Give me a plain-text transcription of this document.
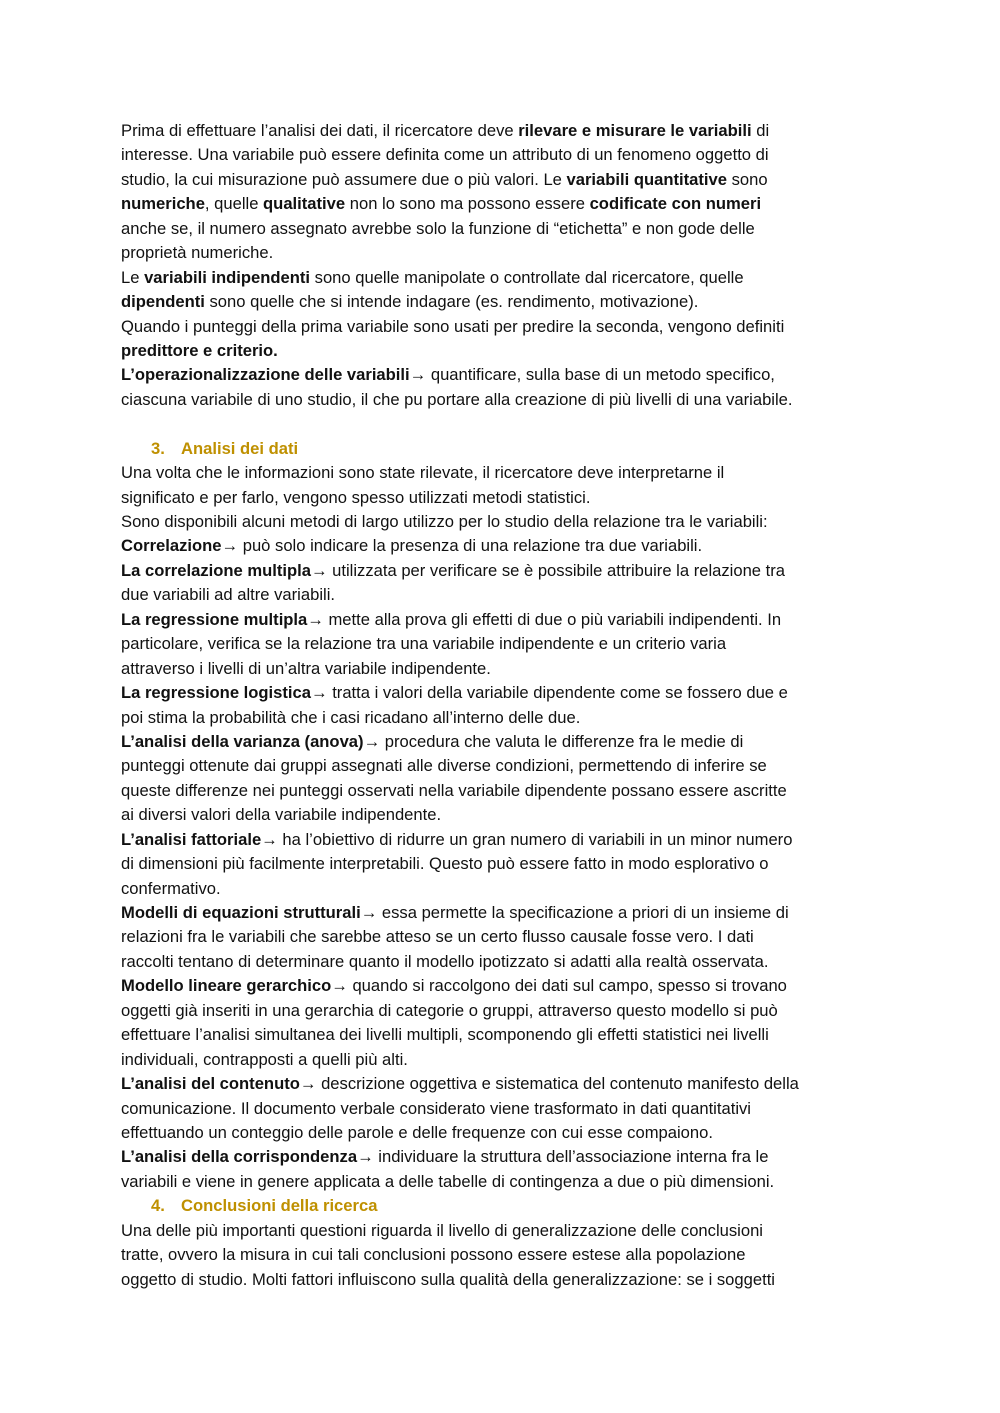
Prima di effettuare l’analisi dei dati, il ricercatore deve rilevare e misurare le variabili di
interesse. Una variabile può essere definita come un attributo di un fenomeno oggetto di
studio, la cui misurazione può assumere due o più valori. Le variabili quantitative sono
numeriche, quelle qualitative non lo sono ma possono essere codificate con numeri
anche se, il numero assegnato avrebbe solo la funzione di “etichetta” e non gode delle
proprietà numeriche.
Le variabili indipendenti sono quelle manipolate o controllate dal ricercatore, quelle
dipendenti sono quelle che si intende indagare (es. rendimento, motivazione).
Quando i punteggi della prima variabile sono usati per predire la seconda, vengono definiti
predittore e criterio.
L’operazionalizzazione delle variabili→ quantificare, sulla base di un metodo specifico,
ciascuna variabile di uno studio, il che pu portare alla creazione di più livelli di una variabile.
3. Analisi dei dati
Una volta che le informazioni sono state rilevate, il ricercatore deve interpretarne il
significato e per farlo, vengono spesso utilizzati metodi statistici.
Sono disponibili alcuni metodi di largo utilizzo per lo studio della relazione tra le variabili:
Correlazione→ può solo indicare la presenza di una relazione tra due variabili.
La correlazione multipla→ utilizzata per verificare se è possibile attribuire la relazione tra
due variabili ad altre variabili.
La regressione multipla→ mette alla prova gli effetti di due o più variabili indipendenti. In
particolare, verifica se la relazione tra una variabile indipendente e un criterio varia
attraverso i livelli di un’altra variabile indipendente.
La regressione logistica→ tratta i valori della variabile dipendente come se fossero due e
poi stima la probabilità che i casi ricadano all’interno delle due.
L’analisi della varianza (anova)→ procedura che valuta le differenze fra le medie di
punteggi ottenute dai gruppi assegnati alle diverse condizioni, permettendo di inferire se
queste differenze nei punteggi osservati nella variabile dipendente possano essere ascritte
ai diversi valori della variabile indipendente.
L’analisi fattoriale→ ha l’obiettivo di ridurre un gran numero di variabili in un minor numero
di dimensioni più facilmente interpretabili. Questo può essere fatto in modo esplorativo o
confermativo.
Modelli di equazioni strutturali→ essa permette la specificazione a priori di un insieme di
relazioni fra le variabili che sarebbe atteso se un certo flusso causale fosse vero. I dati
raccolti tentano di determinare quanto il modello ipotizzato si adatti alla realtà osservata.
Modello lineare gerarchico→ quando si raccolgono dei dati sul campo, spesso si trovano
oggetti già inseriti in una gerarchia di categorie o gruppi, attraverso questo modello si può
effettuare l’analisi simultanea dei livelli multipli, scomponendo gli effetti statistici nei livelli
individuali, contrapposti a quelli più alti.
L’analisi del contenuto→ descrizione oggettiva e sistematica del contenuto manifesto della
comunicazione. Il documento verbale considerato viene trasformato in dati quantitativi
effettuando un conteggio delle parole e delle frequenze con cui esse compaiono.
L’analisi della corrispondenza→ individuare la struttura dell’associazione interna fra le
variabili e viene in genere applicata a delle tabelle di contingenza a due o più dimensioni.
4. Conclusioni della ricerca
Una delle più importanti questioni riguarda il livello di generalizzazione delle conclusioni
tratte, ovvero la misura in cui tali conclusioni possono essere estese alla popolazione
oggetto di studio. Molti fattori influiscono sulla qualità della generalizzazione: se i soggetti
